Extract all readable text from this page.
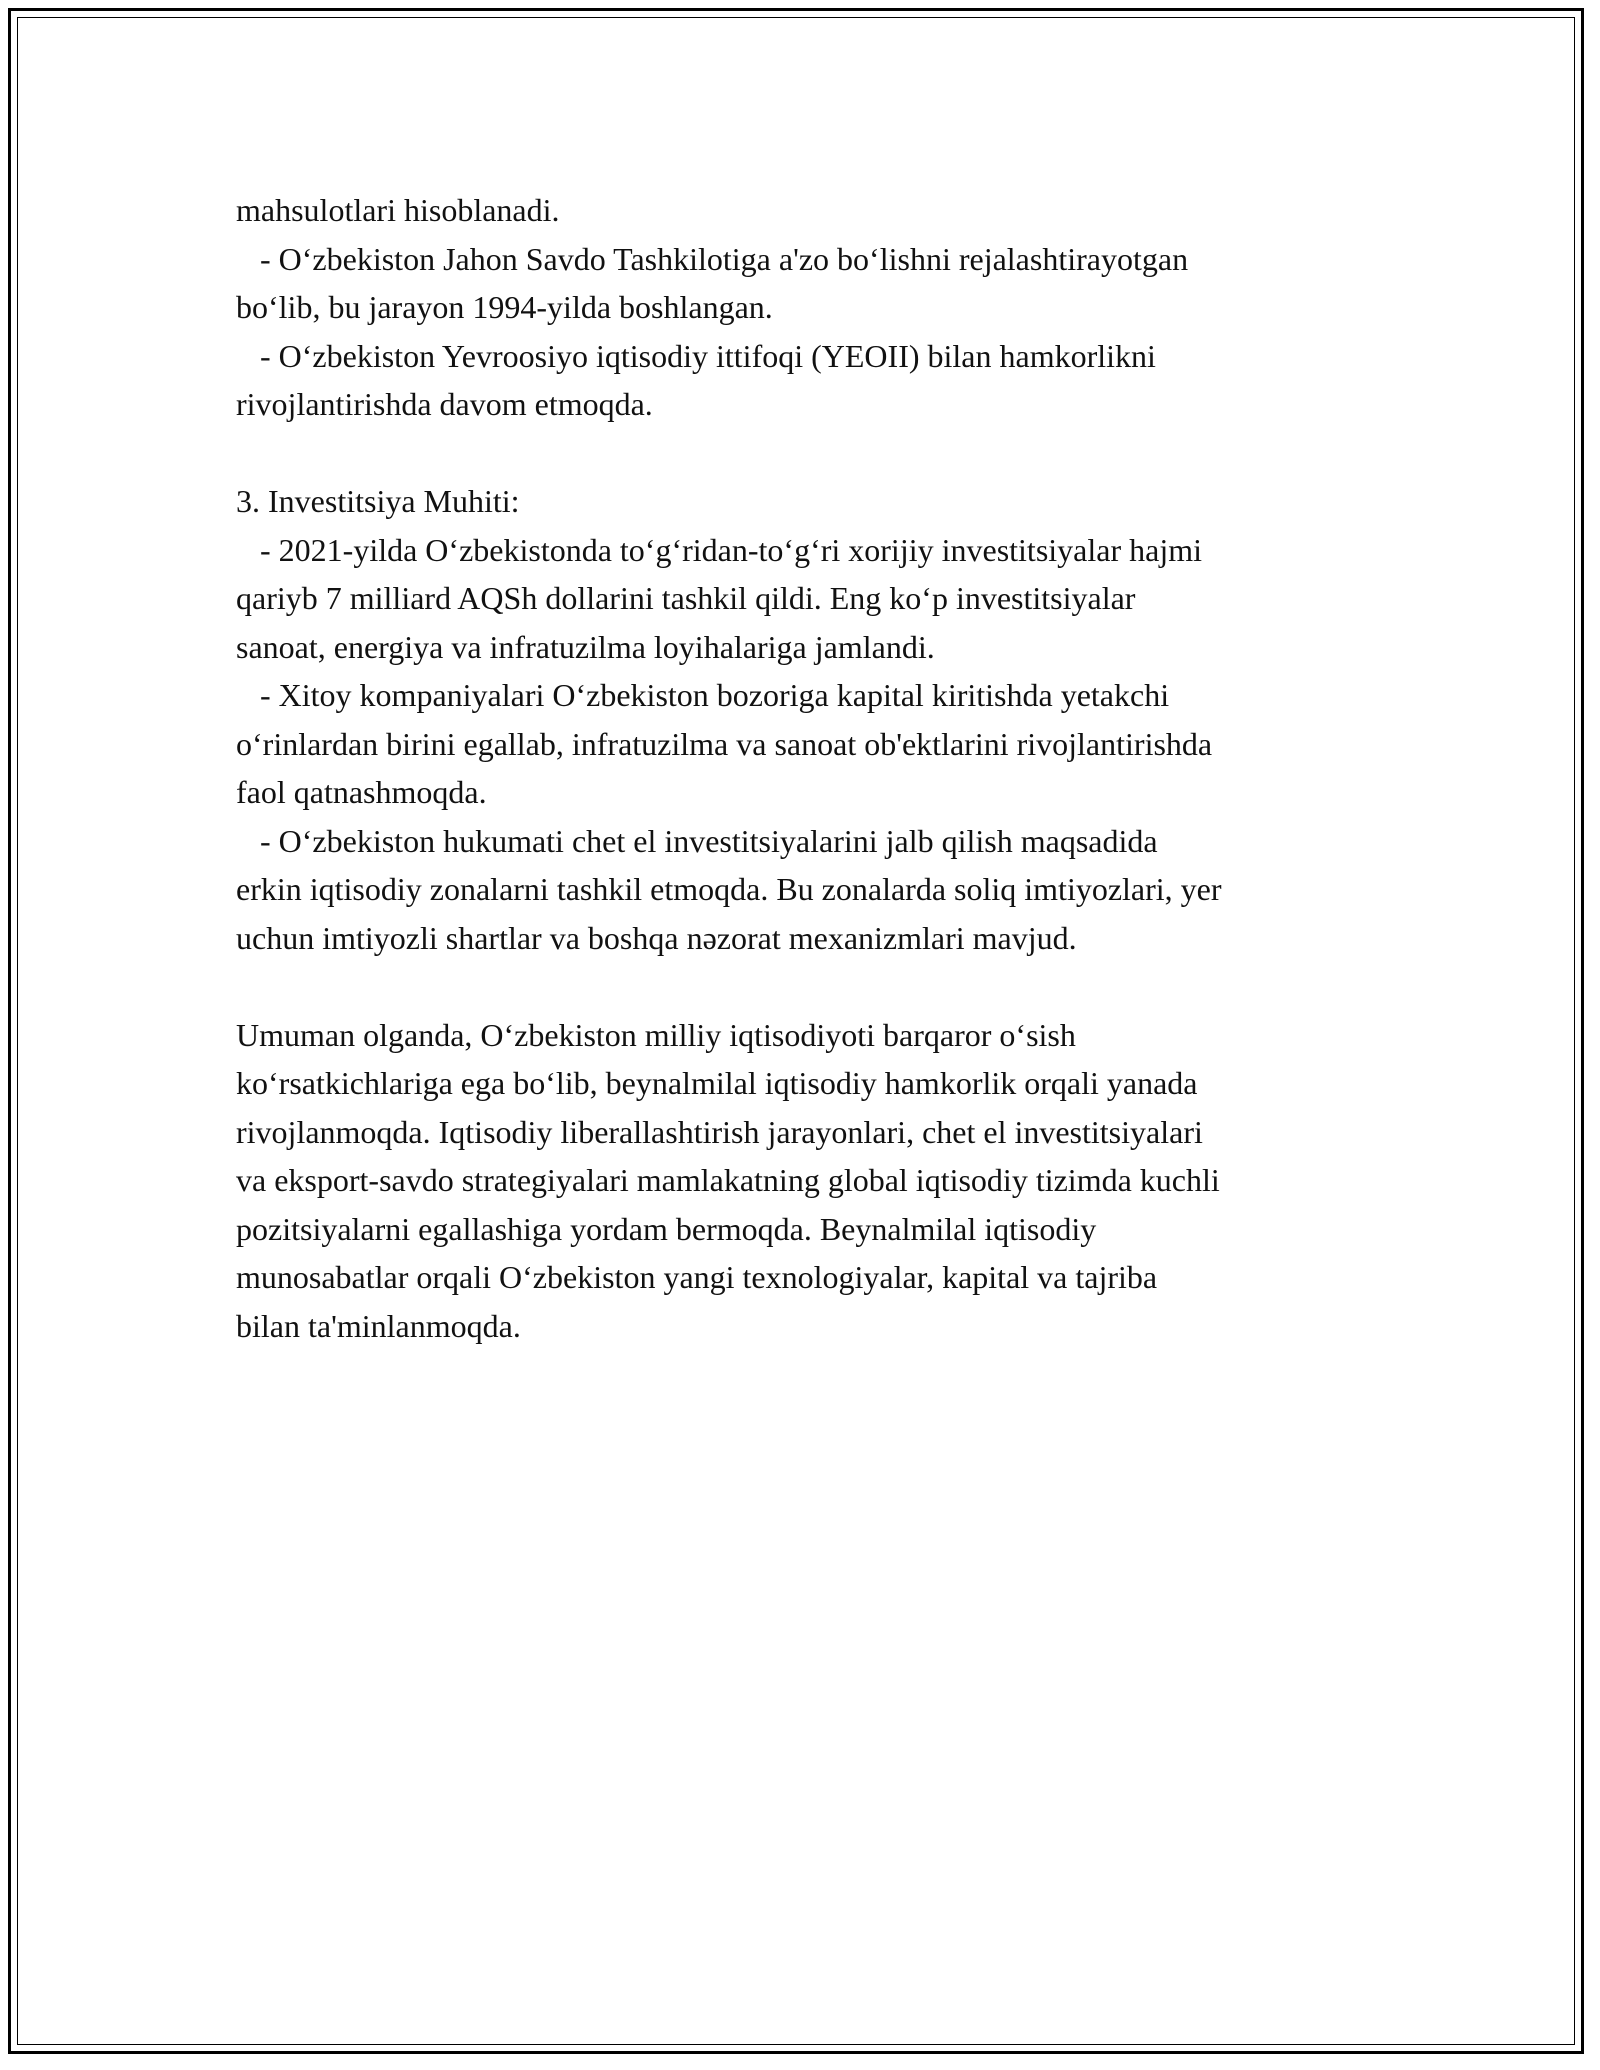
mahsulotlari hisoblanadi.
- O‘zbekiston Jahon Savdo Tashkilotiga a'zo bo‘lishni rejalashtirayotgan
bo‘lib, bu jarayon 1994-yilda boshlangan.
- O‘zbekiston Yevroosiyo iqtisodiy ittifoqi (YEOII) bilan hamkorlikni
rivojlantirishda davom etmoqda.
3. Investitsiya Muhiti:
- 2021-yilda O‘zbekistonda to‘g‘ridan-to‘g‘ri xorijiy investitsiyalar hajmi
qariyb 7 milliard AQSh dollarini tashkil qildi. Eng ko‘p investitsiyalar
sanoat, energiya va infratuzilma loyihalariga jamlandi.
- Xitoy kompaniyalari O‘zbekiston bozoriga kapital kiritishda yetakchi
o‘rinlardan birini egallab, infratuzilma va sanoat ob'ektlarini rivojlantirishda
faol qatnashmoqda.
- O‘zbekiston hukumati chet el investitsiyalarini jalb qilish maqsadida
erkin iqtisodiy zonalarni tashkil etmoqda. Bu zonalarda soliq imtiyozlari, yer
uchun imtiyozli shartlar va boshqa nəzorat mexanizmlari mavjud.
Umuman olganda, O‘zbekiston milliy iqtisodiyoti barqaror o‘sish
ko‘rsatkichlariga ega bo‘lib, beynalmilal iqtisodiy hamkorlik orqali yanada
rivojlanmoqda. Iqtisodiy liberallashtirish jarayonlari, chet el investitsiyalari
va eksport-savdo strategiyalari mamlakatning global iqtisodiy tizimda kuchli
pozitsiyalarni egallashiga yordam bermoqda. Beynalmilal iqtisodiy
munosabatlar orqali O‘zbekiston yangi texnologiyalar, kapital va tajriba
bilan ta'minlanmoqda.
